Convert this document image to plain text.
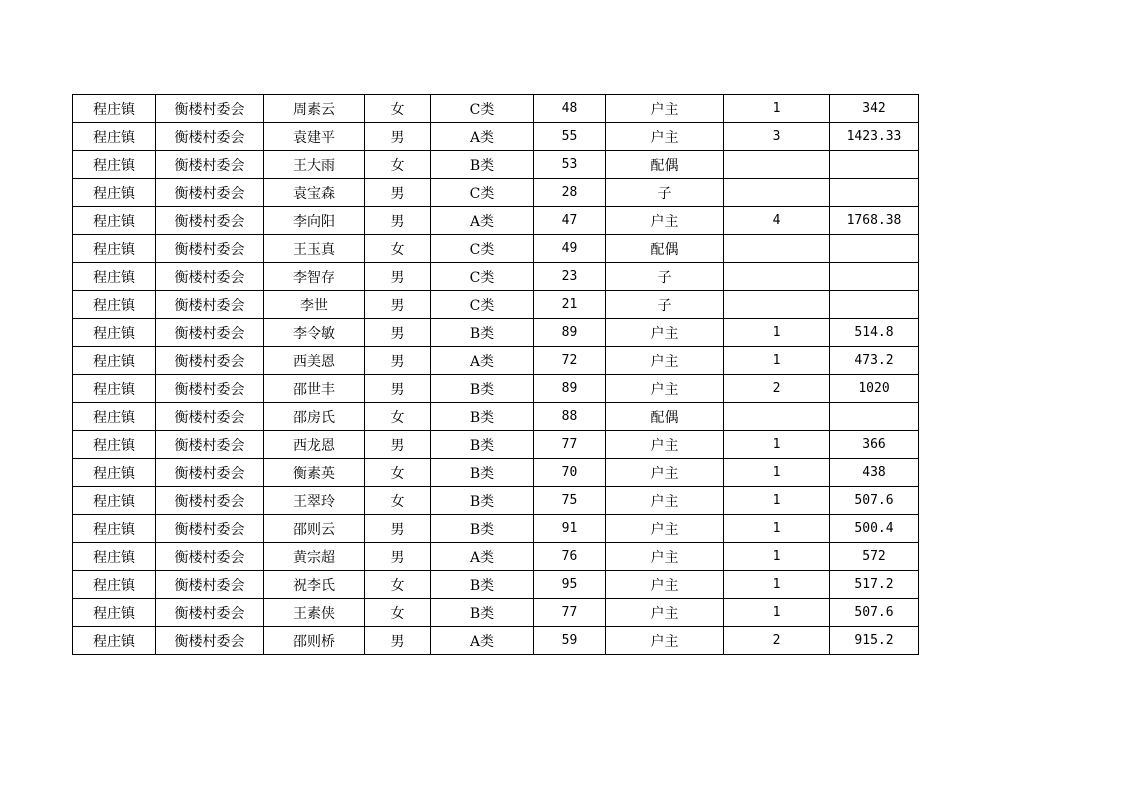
程庄镇	衡楼村委会	周素云	女	C类	48	户主	1	342
程庄镇	衡楼村委会	袁建平	男	A类	55	户主	3	1423.33
程庄镇	衡楼村委会	王大雨	女	B类	53	配偶		
程庄镇	衡楼村委会	袁宝森	男	C类	28	子		
程庄镇	衡楼村委会	李向阳	男	A类	47	户主	4	1768.38
程庄镇	衡楼村委会	王玉真	女	C类	49	配偶		
程庄镇	衡楼村委会	李智存	男	C类	23	子		
程庄镇	衡楼村委会	李世	男	C类	21	子		
程庄镇	衡楼村委会	李令敏	男	B类	89	户主	1	514.8
程庄镇	衡楼村委会	西美恩	男	A类	72	户主	1	473.2
程庄镇	衡楼村委会	邵世丰	男	B类	89	户主	2	1020
程庄镇	衡楼村委会	邵房氏	女	B类	88	配偶		
程庄镇	衡楼村委会	西龙恩	男	B类	77	户主	1	366
程庄镇	衡楼村委会	衡素英	女	B类	70	户主	1	438
程庄镇	衡楼村委会	王翠玲	女	B类	75	户主	1	507.6
程庄镇	衡楼村委会	邵则云	男	B类	91	户主	1	500.4
程庄镇	衡楼村委会	黄宗超	男	A类	76	户主	1	572
程庄镇	衡楼村委会	祝李氏	女	B类	95	户主	1	517.2
程庄镇	衡楼村委会	王素侠	女	B类	77	户主	1	507.6
程庄镇	衡楼村委会	邵则桥	男	A类	59	户主	2	915.2
